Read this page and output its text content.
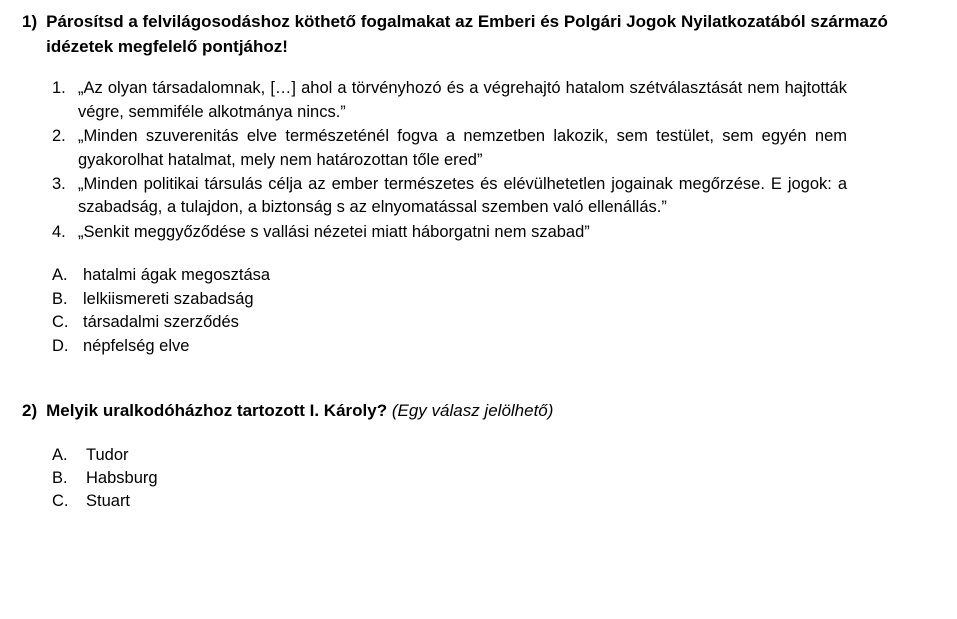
1) Párosítsd a felvilágosodáshoz köthető fogalmakat az Emberi és Polgári Jogok Nyilatkozatából származó idézetek megfelelő pontjához!
1. „Az olyan társadalomnak, […] ahol a törvényhozó és a végrehajtó hatalom szétválasztását nem hajtották végre, semmiféle alkotmánya nincs.”
2. „Minden szuverenitás elve természeténél fogva a nemzetben lakozik, sem testület, sem egyén nem gyakorolhat hatalmat, mely nem határozottan tőle ered”
3. „Minden politikai társulás célja az ember természetes és elévülhetetlen jogainak megőrzése. E jogok: a szabadság, a tulajdon, a biztonság s az elnyomatással szemben való ellenállás.”
4. „Senkit meggyőződése s vallási nézetei miatt háborgatni nem szabad”
A. hatalmi ágak megosztása
B. lelkiismereti szabadság
C. társadalmi szerződés
D. népfelség elve
2) Melyik uralkodóházhoz tartozott I. Károly? (Egy válasz jelölhető)
A.	Tudor
B.	Habsburg
C.	Stuart
